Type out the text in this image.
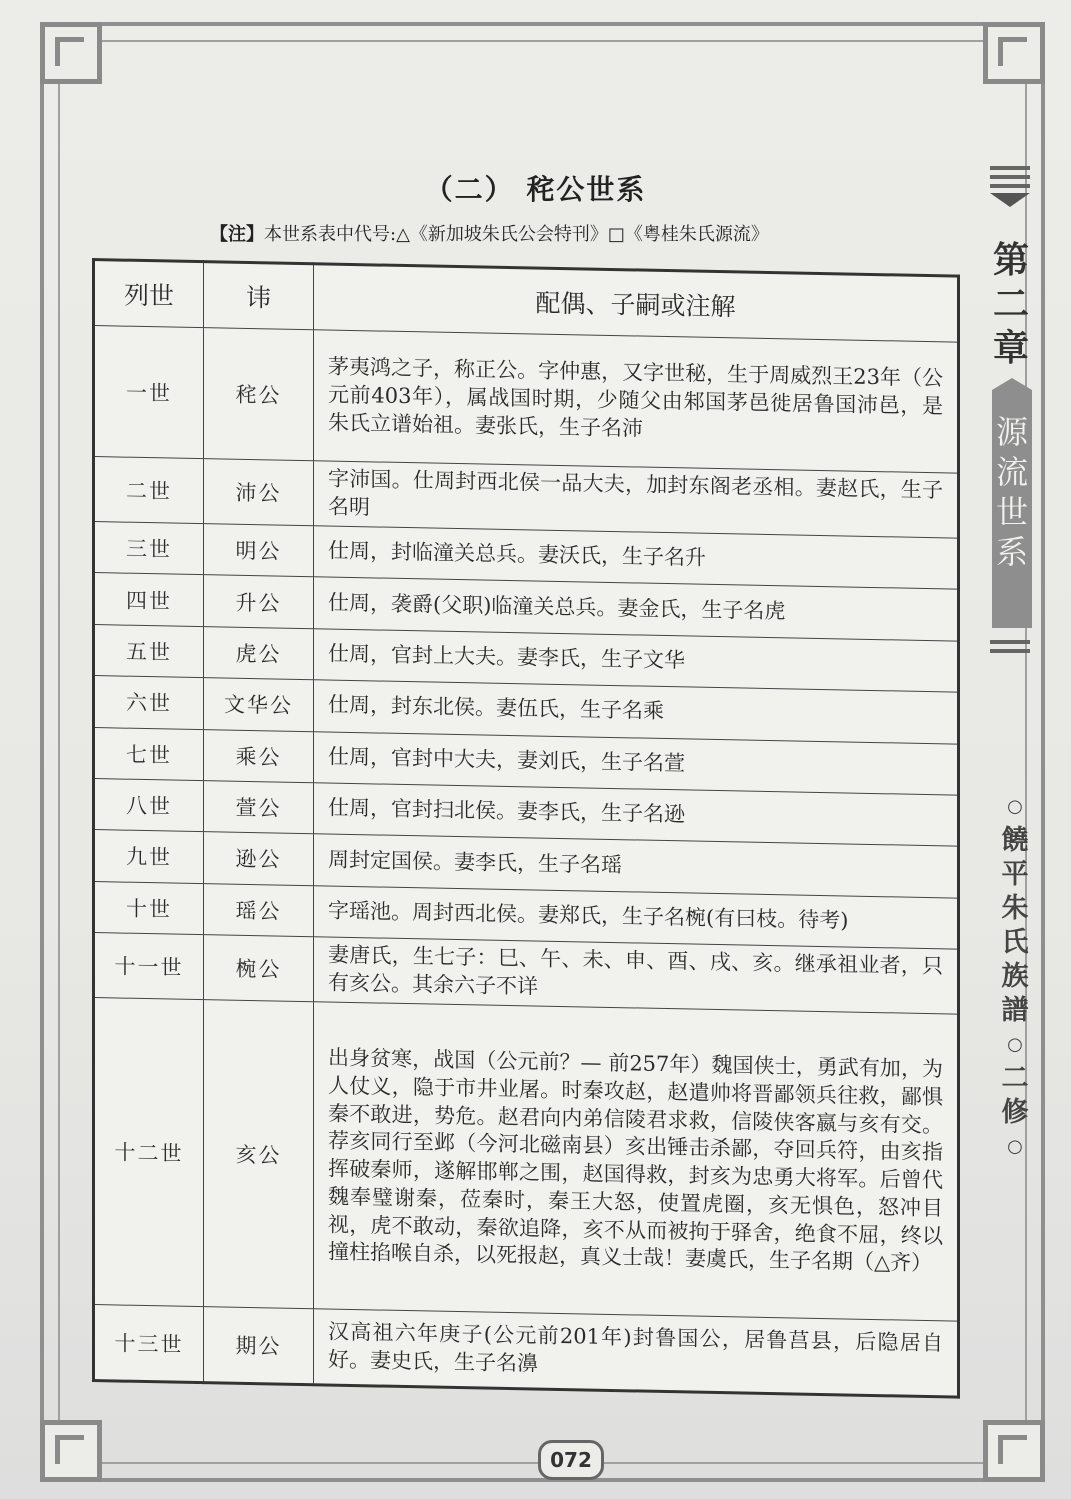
（二） 秺公世系
【注】本世系表中代号:△《新加坡朱氏公会特刊》□《粤桂朱氏源流》
列世	讳	配偶、子嗣或注解
一世	秺公	茅夷鸿之子，称正公。字仲惠，又字世秘，生于周威烈王23年（公元前403年），属战国时期，少随父由邾国茅邑徙居鲁国沛邑，是朱氏立谱始祖。妻张氏，生子名沛
二世	沛公	字沛国。仕周封西北侯一品大夫，加封东阁老丞相。妻赵氏，生子名明
三世	明公	仕周，封临潼关总兵。妻沃氏，生子名升
四世	升公	仕周，袭爵(父职)临潼关总兵。妻金氏，生子名虎
五世	虎公	仕周，官封上大夫。妻李氏，生子文华
六世	文华公	仕周，封东北侯。妻伍氏，生子名乘
七世	乘公	仕周，官封中大夫，妻刘氏，生子名萱
八世	萱公	仕周，官封扫北侯。妻李氏，生子名逊
九世	逊公	周封定国侯。妻李氏，生子名瑶
十世	瑶公	字瑶池。周封西北侯。妻郑氏，生子名椀(有曰枝。待考)
十一世	椀公	妻唐氏，生七子：巳、午、未、申、酉、戌、亥。继承祖业者，只有亥公。其余六子不详
十二世	亥公	出身贫寒，战国（公元前？— 前257年）魏国侠士，勇武有加，为人仗义，隐于市井业屠。时秦攻赵，赵遣帅将晋鄙领兵往救，鄙惧秦不敢进，势危。赵君向内弟信陵君求救，信陵侠客嬴与亥有交。荐亥同行至邺（今河北磁南县）亥出锤击杀鄙，夺回兵符，由亥指挥破秦师，遂解邯郸之围，赵国得救，封亥为忠勇大将军。后曾代魏奉璧谢秦，莅秦时，秦王大怒，使置虎圈，亥无惧色，怒冲目视，虎不敢动，秦欲追降，亥不从而被拘于驿舍，绝食不屈，终以撞柱掐喉自杀，以死报赵，真义士哉！妻虞氏，生子名期（△齐）
十三世	期公	汉高祖六年庚子(公元前201年)封鲁国公，居鲁莒县，后隐居自好。妻史氏，生子名濞
第二章
源流世系
○
饒平朱氏族譜
○
二修
○
072
